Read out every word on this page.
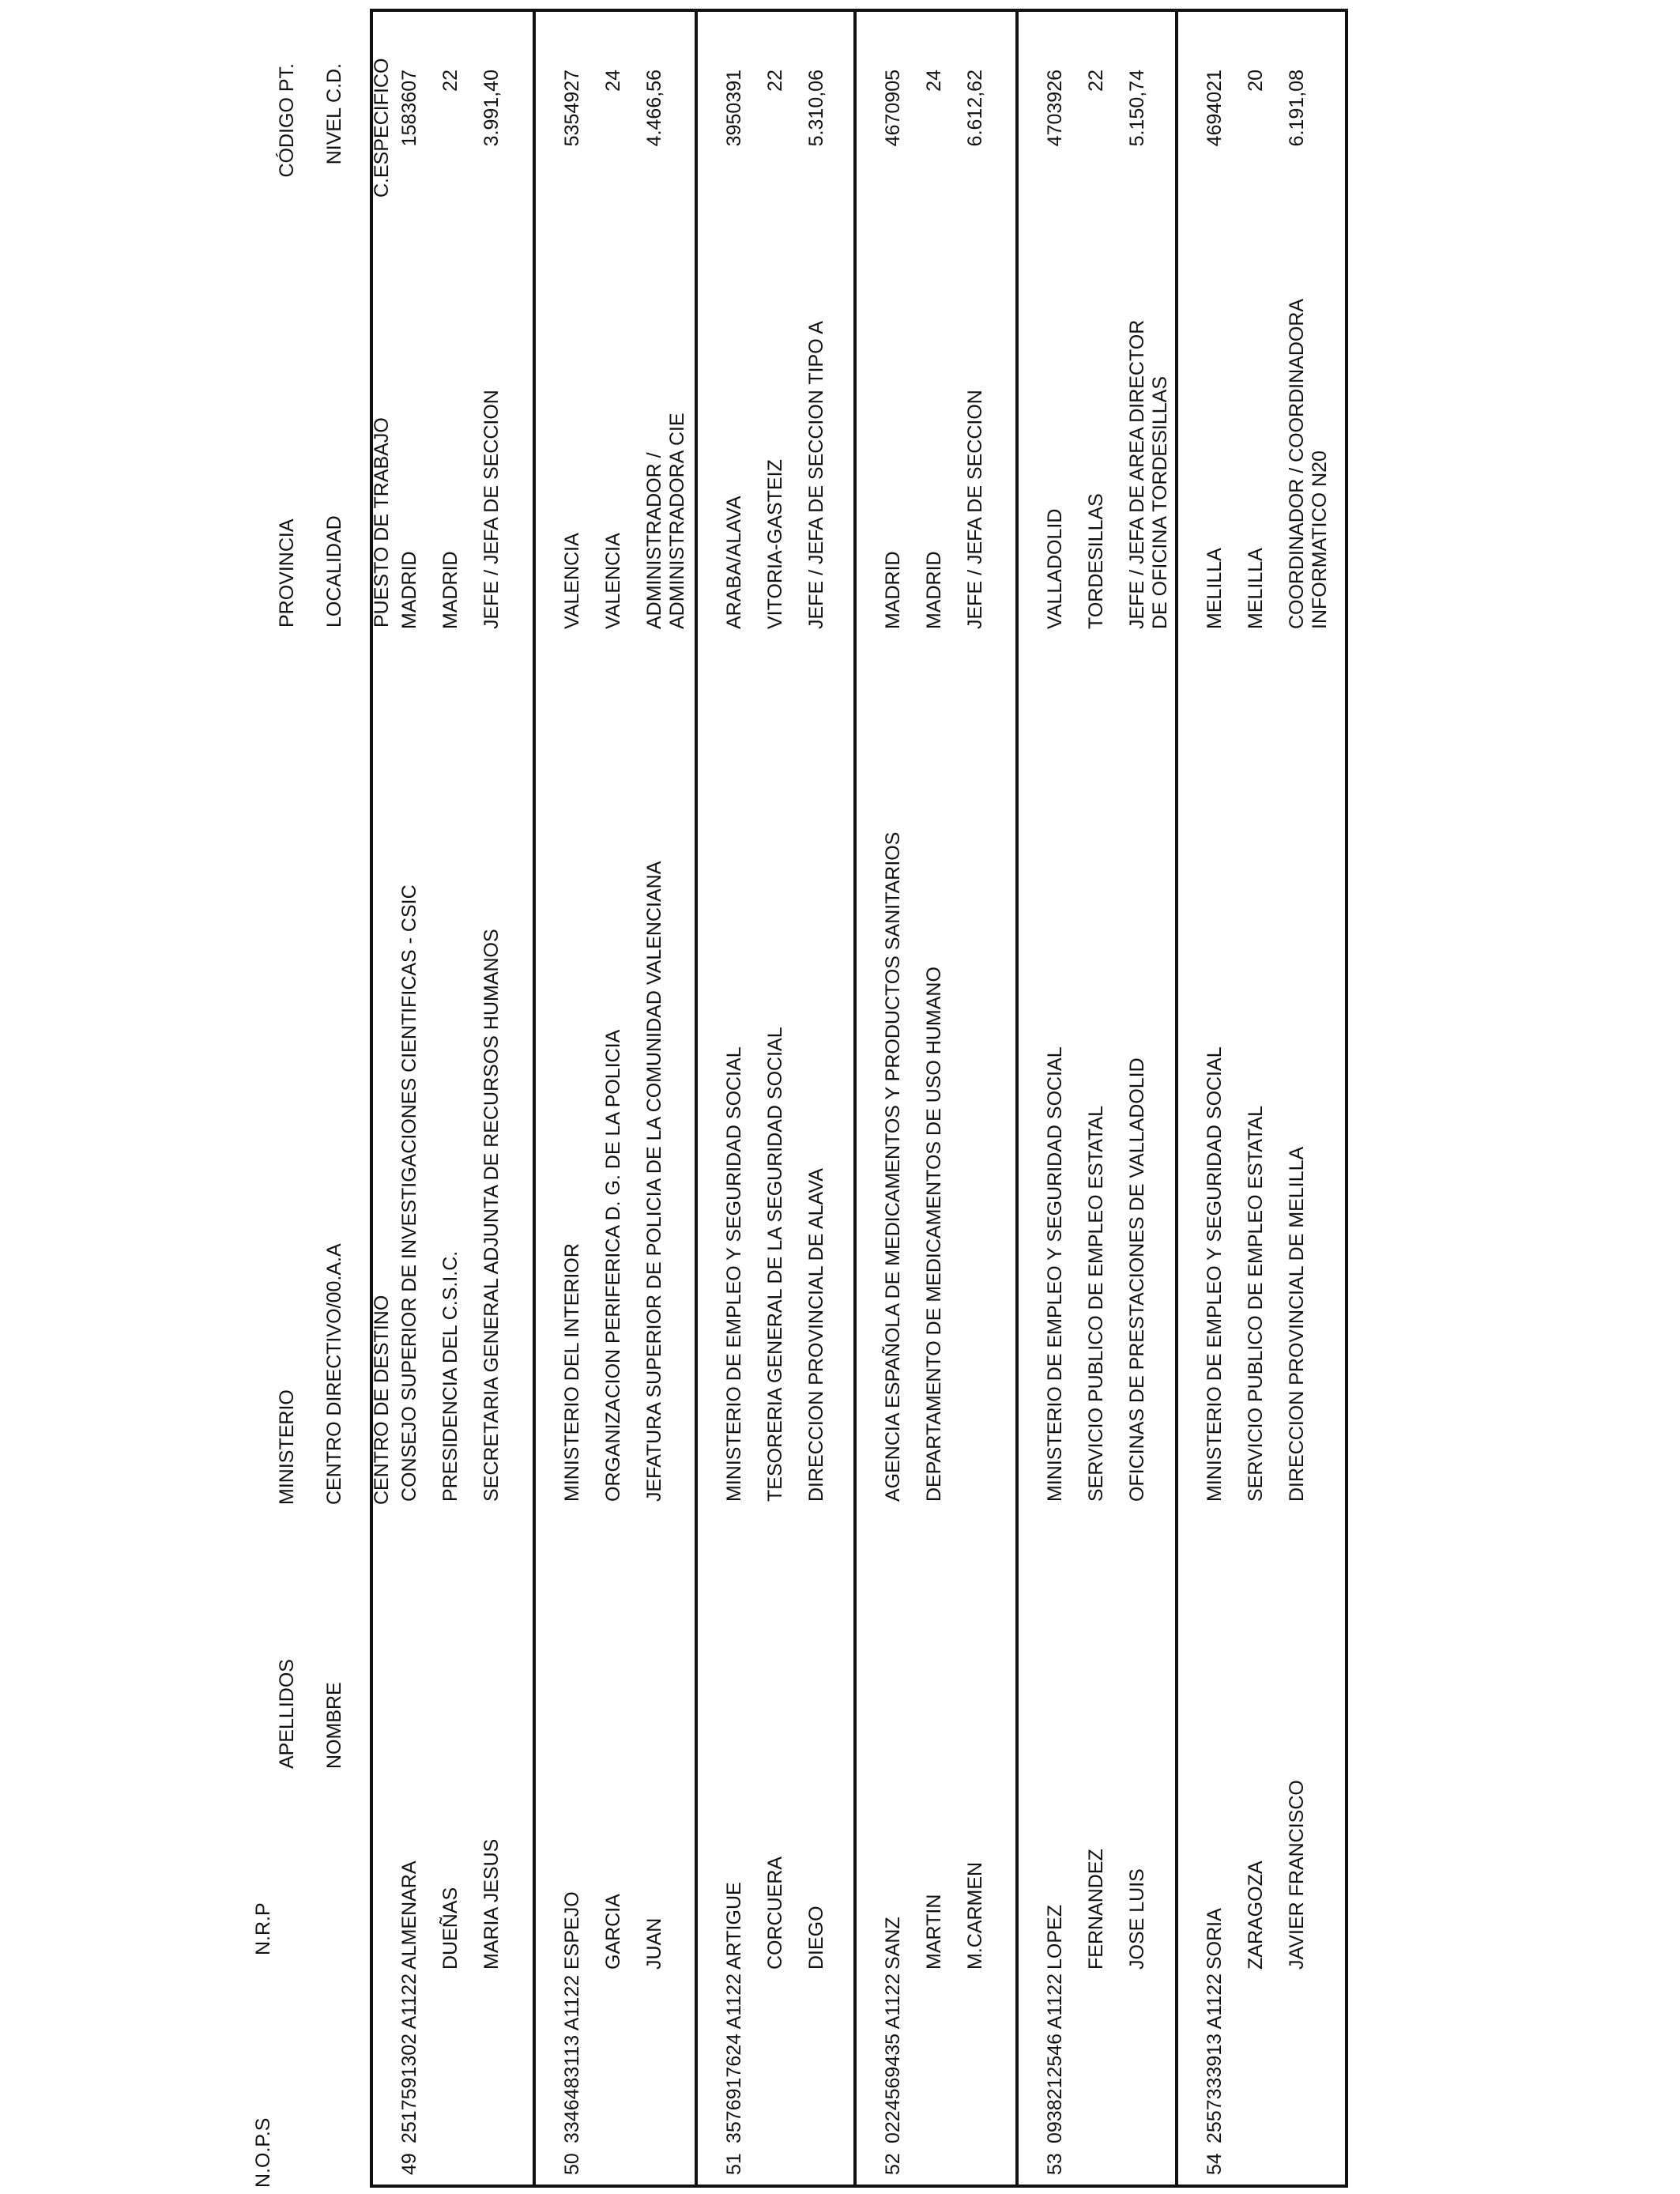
N.O.P.S
N.R.P

APELLIDOS NOMBRE

MINISTERIO CENTRO DIRECTIVO/00.A.A CENTRO DE DESTINO

PROVINCIA LOCALIDAD PUESTO DE TRABAJO

CÓDIGO PT. NIVEL C.D. C.ESPECÍFICO

49
2517591302 A1122
ALMENARA DUEÑAS MARIA JESUS
CONSEJO SUPERIOR DE INVESTIGACIONES CIENTIFICAS - CSIC PRESIDENCIA DEL C.S.I.C. SECRETARIA GENERAL ADJUNTA DE RECURSOS HUMANOS
MADRID MADRID JEFE / JEFA DE SECCION
1583607 22 3.991,40
50
3346483113 A1122
ESPEJO GARCIA JUAN
MINISTERIO DEL INTERIOR ORGANIZACION PERIFERICA D. G. DE LA POLICIA JEFATURA SUPERIOR DE POLICIA DE LA COMUNIDAD VALENCIANA
VALENCIA VALENCIA ADMINISTRADOR / ADMINISTRADORA CIE
5354927 24 4.466,56
51
3576917624 A1122
ARTIGUE CORCUERA DIEGO
MINISTERIO DE EMPLEO Y SEGURIDAD SOCIAL TESORERIA GENERAL DE LA SEGURIDAD SOCIAL DIRECCION PROVINCIAL DE ALAVA
ARABA/ALAVA VITORIA-GASTEIZ JEFE / JEFA DE SECCION TIPO A
3950391 22 5.310,06
52
0224569435 A1122
SANZ MARTIN M.CARMEN
AGENCIA ESPAÑOLA DE MEDICAMENTOS Y PRODUCTOS SANITARIOS DEPARTAMENTO DE MEDICAMENTOS DE USO HUMANO
MADRID MADRID JEFE / JEFA DE SECCION
4670905 24 6.612,62
53
0938212546 A1122
LOPEZ FERNANDEZ JOSE LUIS
MINISTERIO DE EMPLEO Y SEGURIDAD SOCIAL SERVICIO PUBLICO DE EMPLEO ESTATAL OFICINAS DE PRESTACIONES DE VALLADOLID
VALLADOLID TORDESILLAS JEFE / JEFA DE AREA DIRECTOR DE OFICINA TORDESILLAS
4703926 22 5.150,74
54
2557333913 A1122
SORIA ZARAGOZA JAVIER FRANCISCO
MINISTERIO DE EMPLEO Y SEGURIDAD SOCIAL SERVICIO PUBLICO DE EMPLEO ESTATAL DIRECCION PROVINCIAL DE MELILLA
MELILLA MELILLA COORDINADOR / COORDINADORA INFORMATICO N20
4694021 20 6.191,08
